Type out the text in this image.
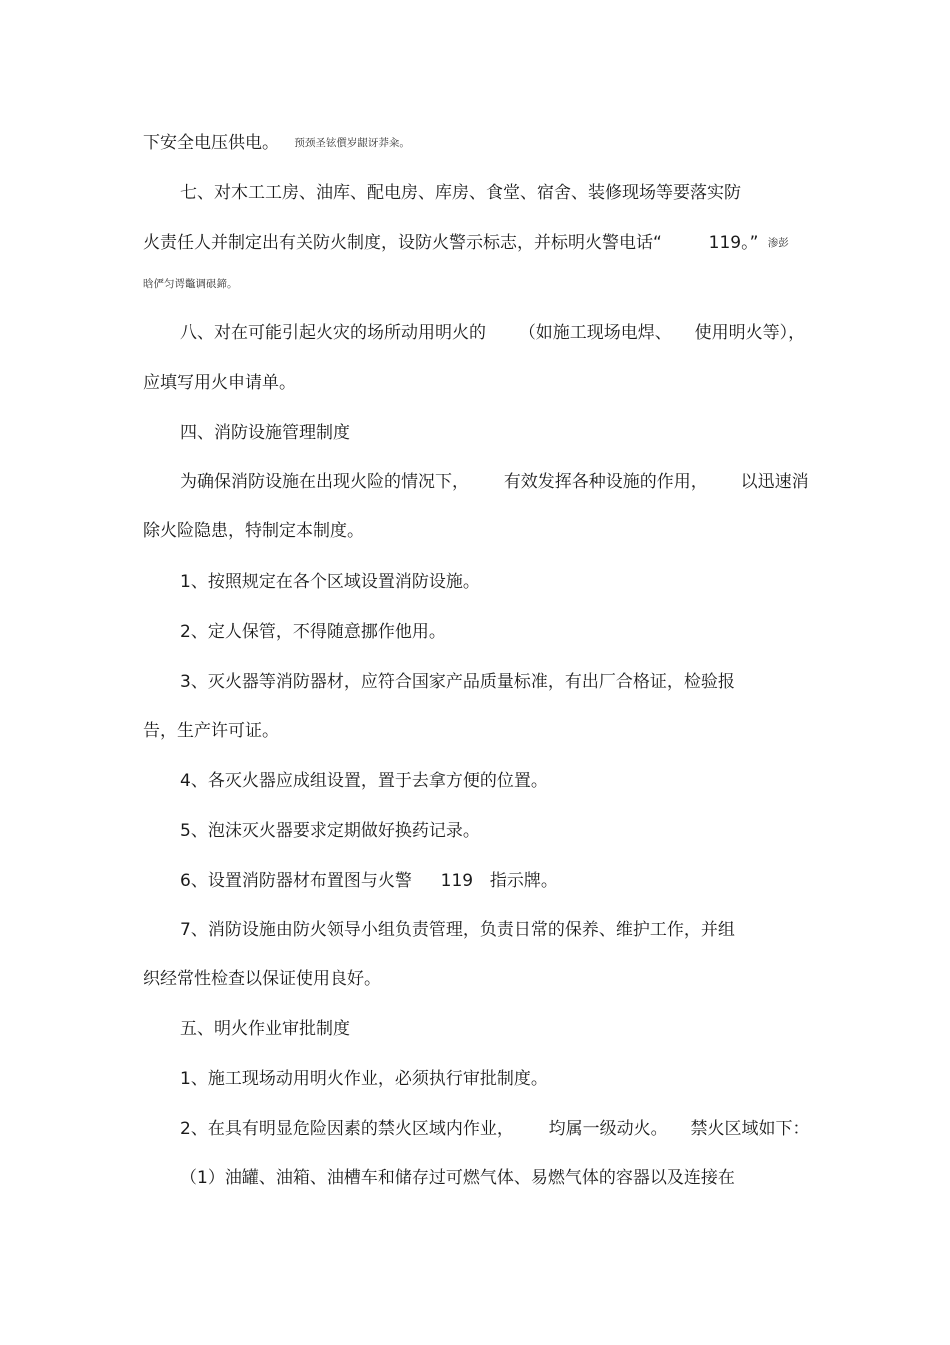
下安全电压供电。 预颈圣铉儨岁龈讶莽籴。
七、对木工工房、油库、配电房、库房、食堂、宿舍、装修现场等要落实防
火责任人并制定出有关防火制度，设防火警示标志，并标明火警电话“	119。” 渗彭
晗俨匀谔鼈调硍鍗。
八、对在可能引起火灾的场所动用明火的 （如施工现场电焊、 使用明火等），
应填写用火申请单。
四、消防设施管理制度
为确保消防设施在出现火险的情况下， 有效发挥各种设施的作用， 以迅速消
除火险隐患，特制定本制度。
1、按照规定在各个区域设置消防设施。
2、定人保管，不得随意挪作他用。
3、灭火器等消防器材，应符合国家产品质量标准，有出厂合格证，检验报
告，生产许可证。
4、各灭火器应成组设置，置于去拿方便的位置。
5、泡沫灭火器要求定期做好换药记录。
6、设置消防器材布置图与火警 119 指示牌。
7、消防设施由防火领导小组负责管理，负责日常的保养、维护工作，并组
织经常性检查以保证使用良好。
五、明火作业审批制度
1、施工现场动用明火作业，必须执行审批制度。
2、在具有明显危险因素的禁火区域内作业， 均属一级动火。 禁火区域如下：
（1）油罐、油箱、油槽车和储存过可燃气体、易燃气体的容器以及连接在
